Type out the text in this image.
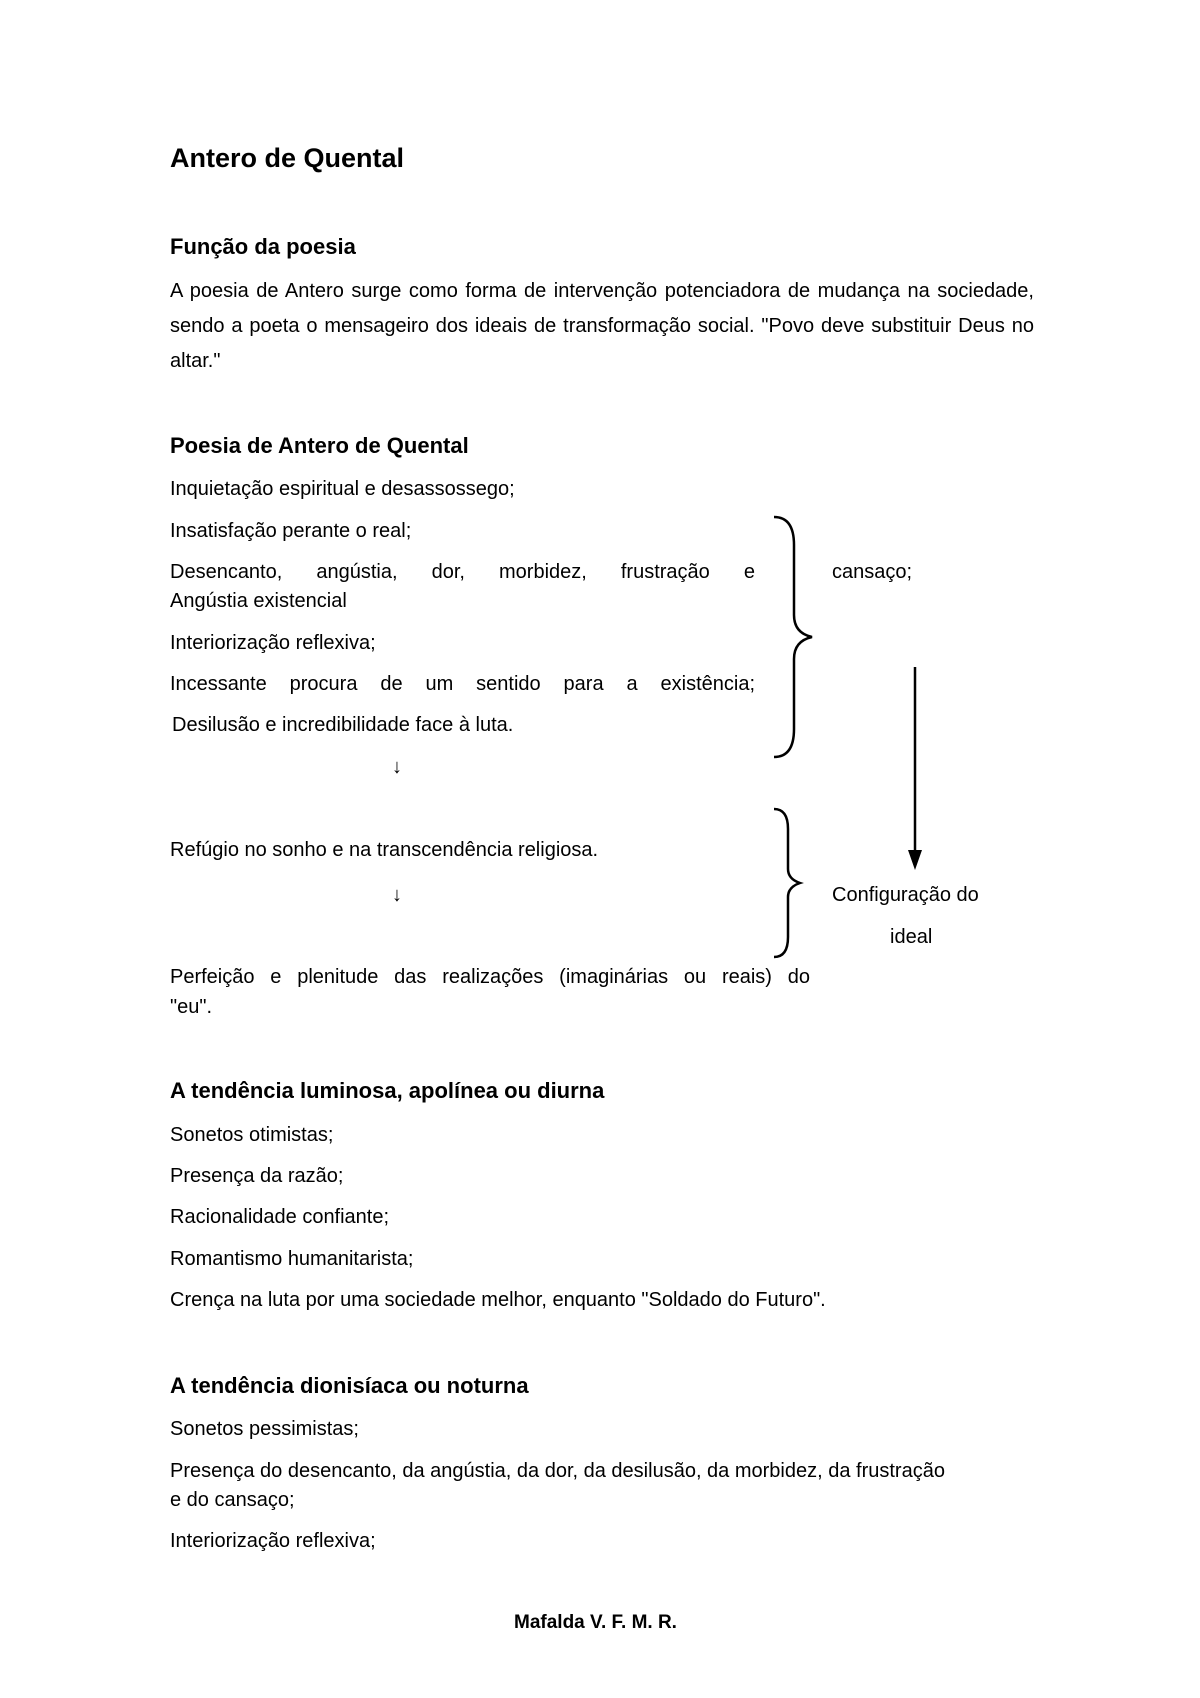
Antero de Quental
Função da poesia
A poesia de Antero surge como forma de intervenção potenciadora de mudança na sociedade, sendo a poeta o mensageiro dos ideais de transformação social. "Povo deve substituir Deus no altar."
Poesia de Antero de Quental
Inquietação espiritual e desassossego;
Insatisfação perante o real;
Desencanto, angústia, dor, morbidez, frustração e
Angústia existencial
Interiorização reflexiva;
Incessante procura de um sentido para a existência;
Desilusão e incredibilidade face à luta.
cansaço;
↓
Refúgio no sonho e na transcendência religiosa.
↓	Configuração do
ideal
Perfeição e plenitude das realizações (imaginárias ou reais) do
"eu".
A tendência luminosa, apolínea ou diurna
Sonetos otimistas;
Presença da razão;
Racionalidade confiante;
Romantismo humanitarista;
Crença na luta por uma sociedade melhor, enquanto "Soldado do Futuro".
A tendência dionisíaca ou noturna
Sonetos pessimistas;
Presença do desencanto, da angústia, da dor, da desilusão, da morbidez, da frustração
e do cansaço;
Interiorização reflexiva;
Mafalda V. F. M. R.
